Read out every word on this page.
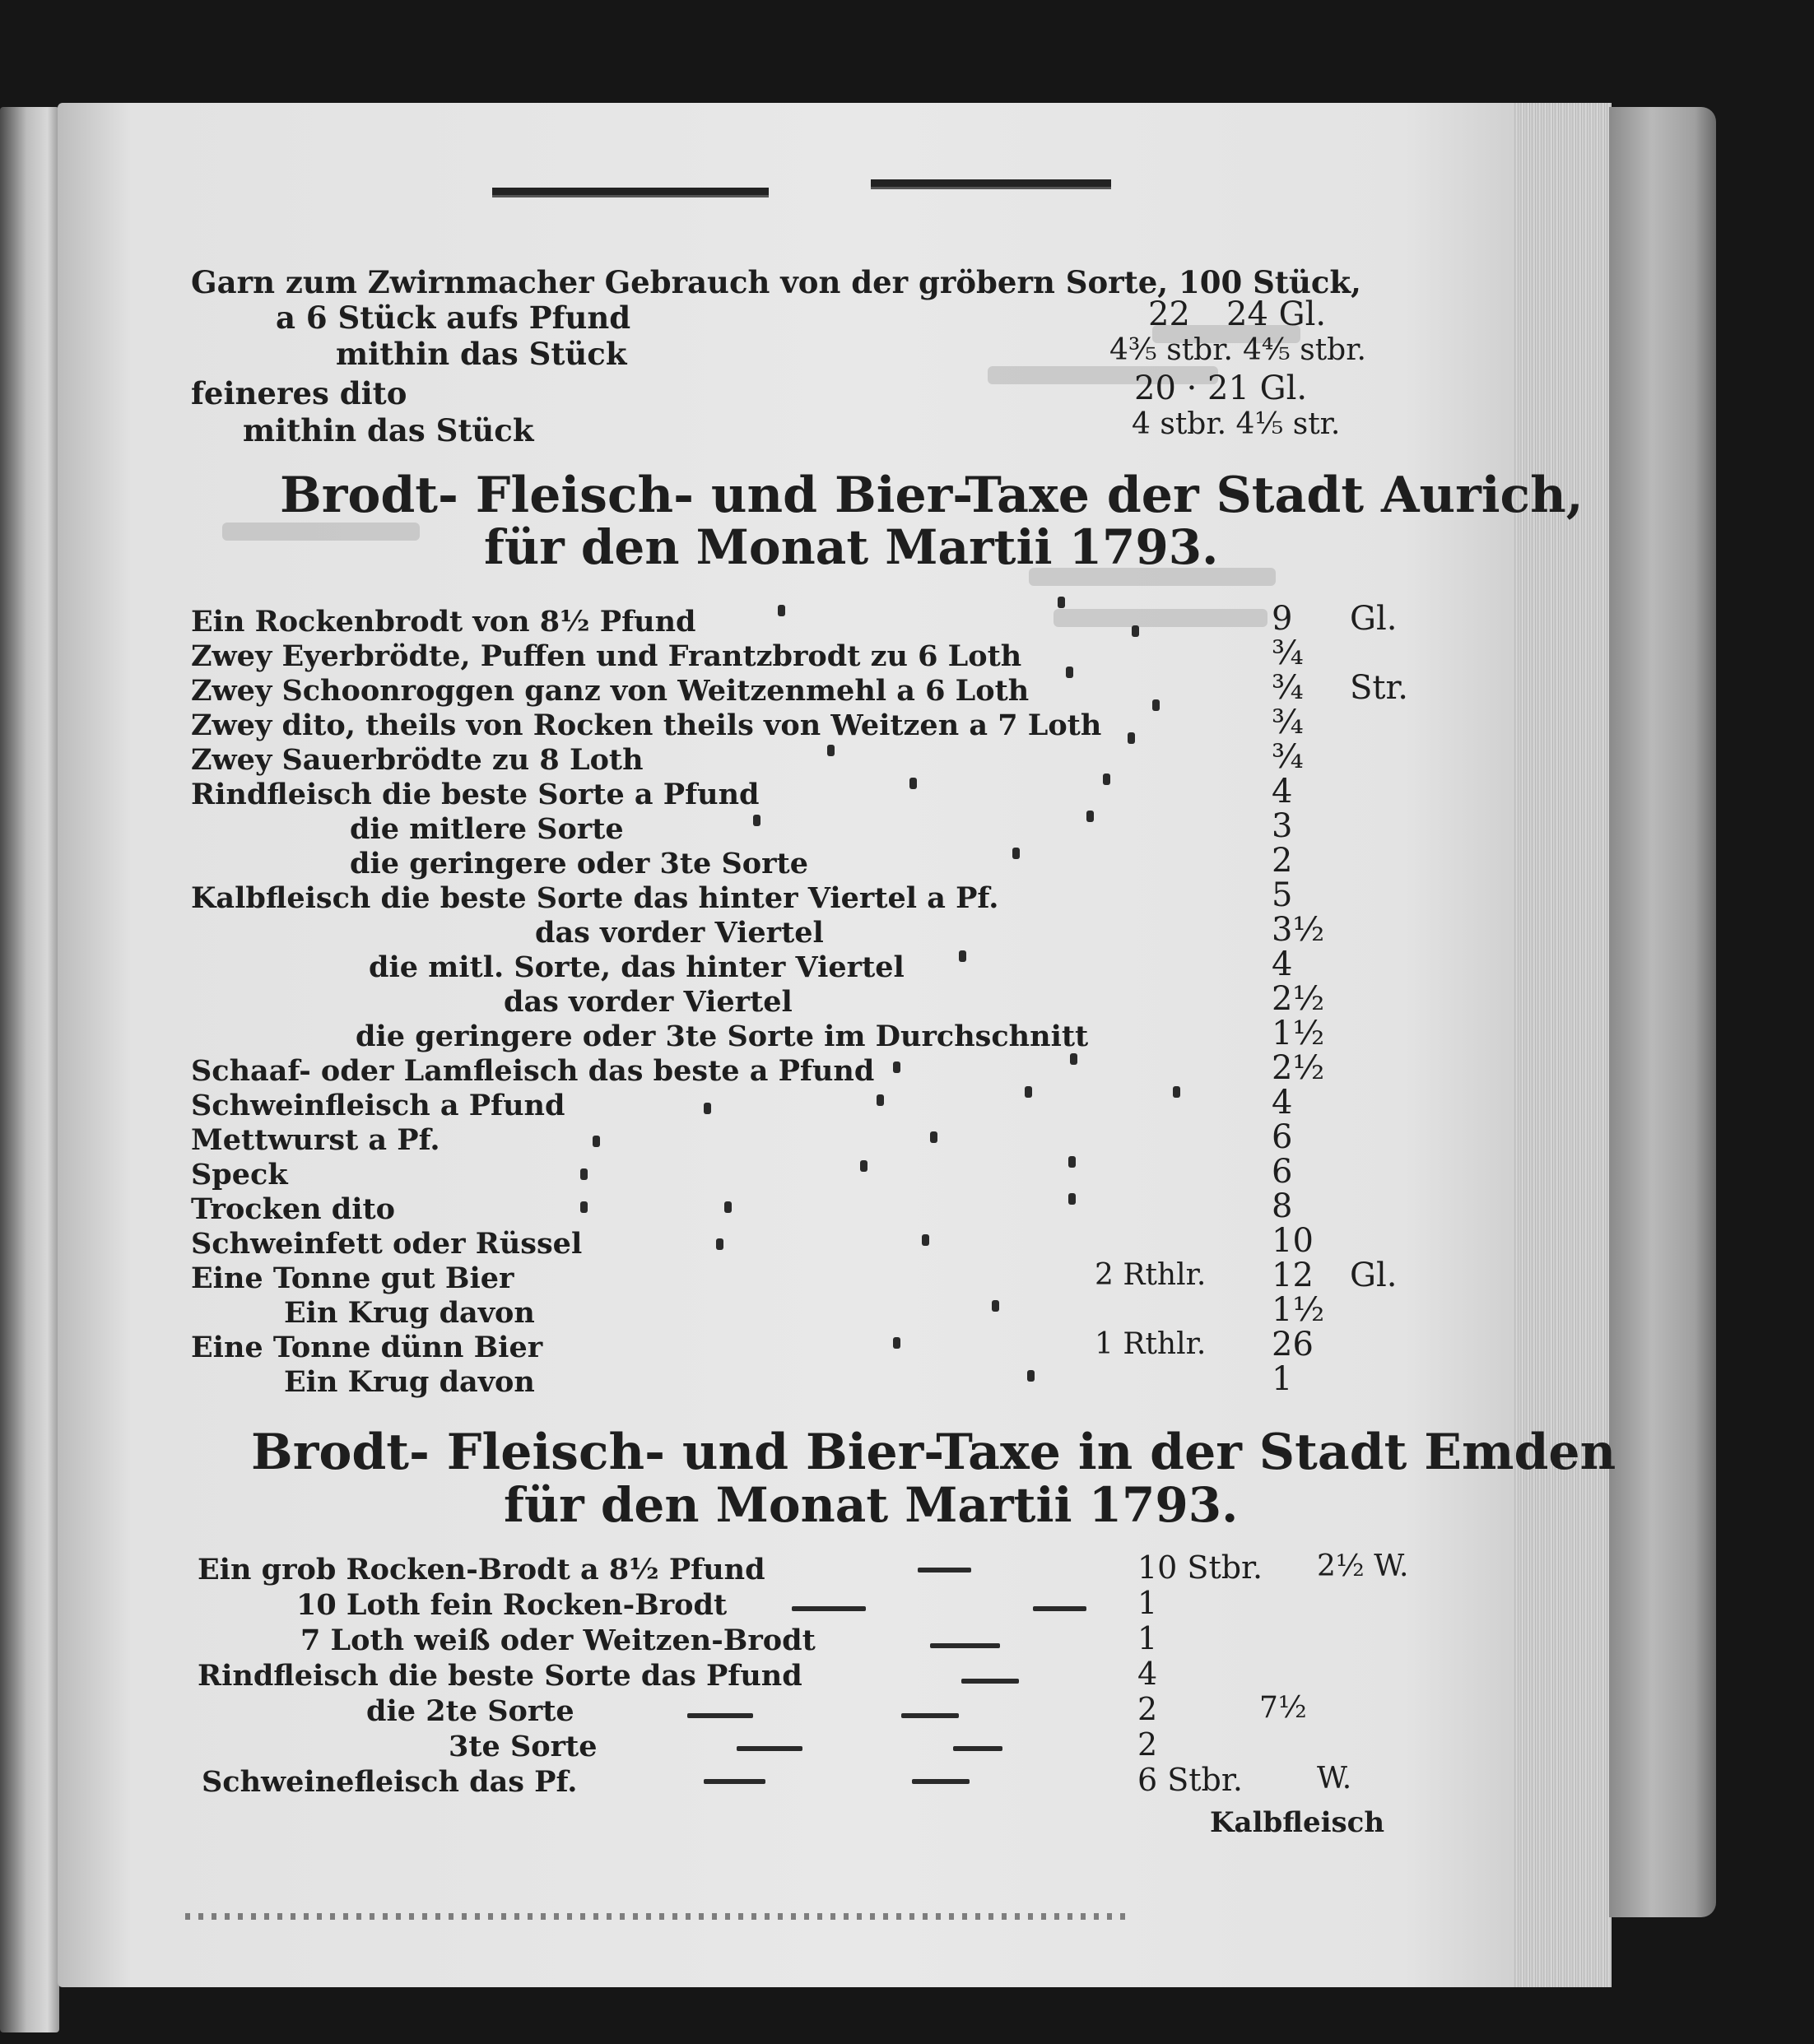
Garn zum Zwirnmacher Gebrauch von der gröbern Sorte, 100 Stück,
a 6 Stück aufs Pfund	22 24 Gl.
mithin das Stück	4⅗ stbr. 4⅘ stbr.
feineres dito	20 · 21 Gl.
mithin das Stück	4 stbr. 4⅕ str.
Brodt- Fleisch- und Bier-Taxe der Stadt Aurich,
für den Monat Martii 1793.
Ein Rockenbrodt von 8½ Pfund	9 Gl.
Zwey Eyerbrödte, Puffen und Frantzbrodt zu 6 Loth	¾
Zwey Schoonroggen ganz von Weitzenmehl a 6 Loth	¾ Str.
Zwey dito, theils von Rocken theils von Weitzen a 7 Loth	¾
Zwey Sauerbrödte zu 8 Loth	¾
Rindfleisch die beste Sorte a Pfund	4
die mitlere Sorte	3
die geringere oder 3te Sorte	2
Kalbfleisch die beste Sorte das hinter Viertel a Pf.	5
das vorder Viertel	3½
die mitl. Sorte, das hinter Viertel	4
das vorder Viertel	2½
die geringere oder 3te Sorte im Durchschnitt	1½
Schaaf- oder Lamfleisch das beste a Pfund	2½
Schweinfleisch a Pfund	4
Mettwurst a Pf.	6
Speck	6
Trocken dito	8
Schweinfett oder Rüssel	10
Eine Tonne gut Bier	2 Rthlr. 12 Gl.
Ein Krug davon	1½
Eine Tonne dünn Bier	1 Rthlr. 26
Ein Krug davon	1
Brodt- Fleisch- und Bier-Taxe in der Stadt Emden
für den Monat Martii 1793.
Ein grob Rocken-Brodt a 8½ Pfund	10 Stbr. 2½ W.
10 Loth fein Rocken-Brodt	1
7 Loth weiß oder Weitzen-Brodt	1
Rindfleisch die beste Sorte das Pfund	4
die 2te Sorte	2	7½
3te Sorte	2
Schweinefleisch das Pf.	6 Stbr.	W.
Kalbfleisch
